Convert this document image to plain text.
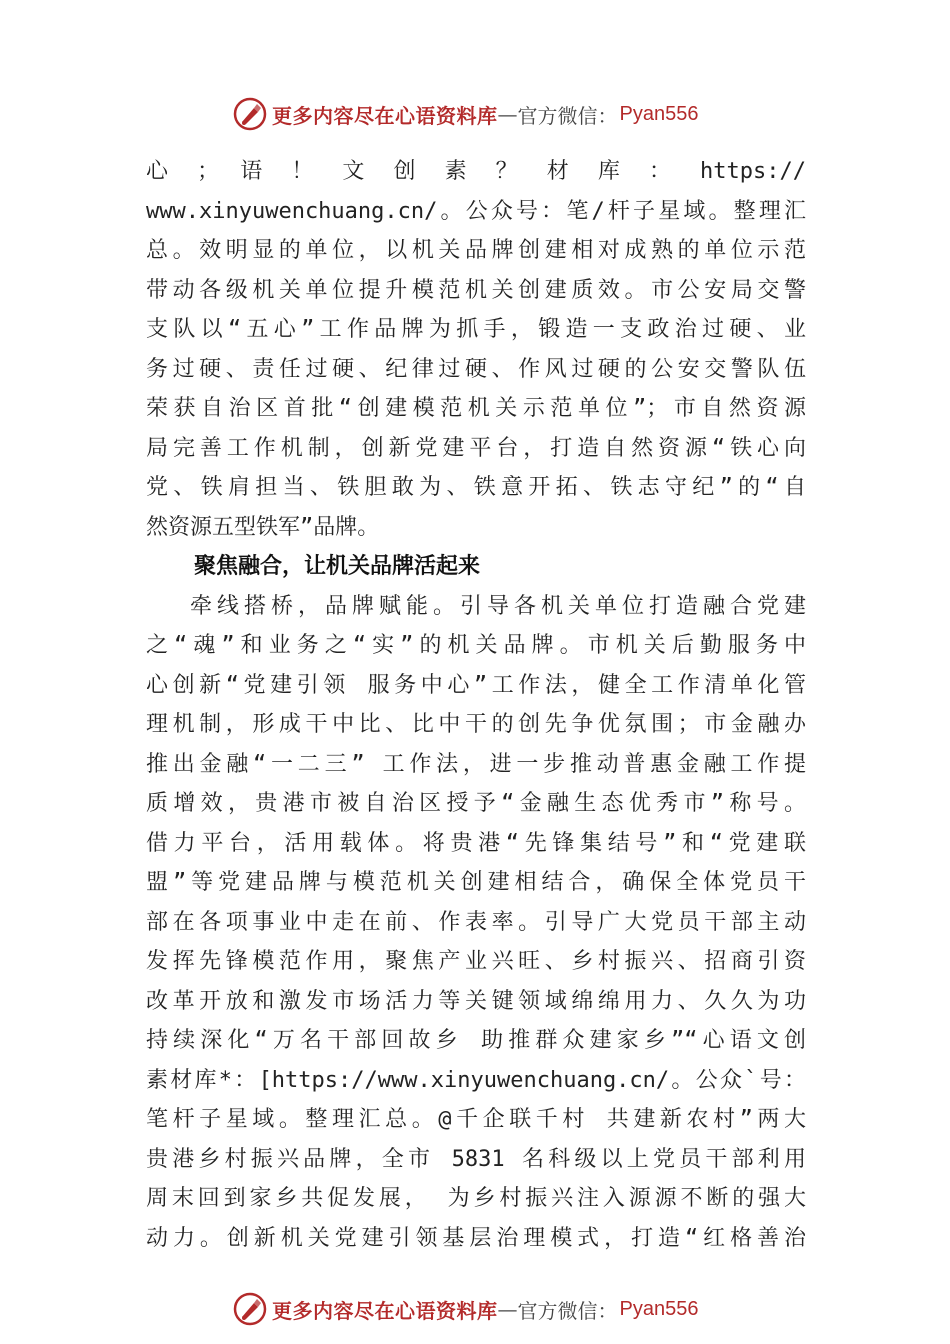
更多内容尽在心语资料库 — 官方微信： Pyan556
心 ； 语 ！ 文 创 素 ？ 材 库 ： https://
www.xinyuwenchuang.cn/。公众号：笔/杆子星域。整理汇
总。效明显的单位，以机关品牌创建相对成熟的单位示范
带动各级机关单位提升模范机关创建质效。市公安局交警
支队以“五心”工作品牌为抓手，锻造一支政治过硬、业
务过硬、责任过硬、纪律过硬、作风过硬的公安交警队伍
荣获自治区首批“创建模范机关示范单位”；市自然资源
局完善工作机制，创新党建平台，打造自然资源“铁心向
党、铁肩担当、铁胆敢为、铁意开拓、铁志守纪”的“自
然资源五型铁军”品牌。
聚焦融合，让机关品牌活起来
牵线搭桥，品牌赋能。引导各机关单位打造融合党建
之“魂”和业务之“实”的机关品牌。市机关后勤服务中
心创新“党建引领 服务中心”工作法，健全工作清单化管
理机制，形成干中比、比中干的创先争优氛围；市金融办
推出金融“一二三” 工作法，进一步推动普惠金融工作提
质增效，贵港市被自治区授予“金融生态优秀市”称号。
借力平台，活用载体。将贵港“先锋集结号”和“党建联
盟”等党建品牌与模范机关创建相结合，确保全体党员干
部在各项事业中走在前、作表率。引导广大党员干部主动
发挥先锋模范作用，聚焦产业兴旺、乡村振兴、招商引资
改革开放和激发市场活力等关键领域绵绵用力、久久为功
持续深化“万名干部回故乡 助推群众建家乡”“心语文创
素材库*：[https://www.xinyuwenchuang.cn/。公众`号：
笔杆子星域。整理汇总。@千企联千村 共建新农村”两大
贵港乡村振兴品牌，全市 5831 名科级以上党员干部利用
周末回到家乡共促发展， 为乡村振兴注入源源不断的强大
动力。创新机关党建引领基层治理模式，打造“红格善治
更多内容尽在心语资料库 — 官方微信： Pyan556
